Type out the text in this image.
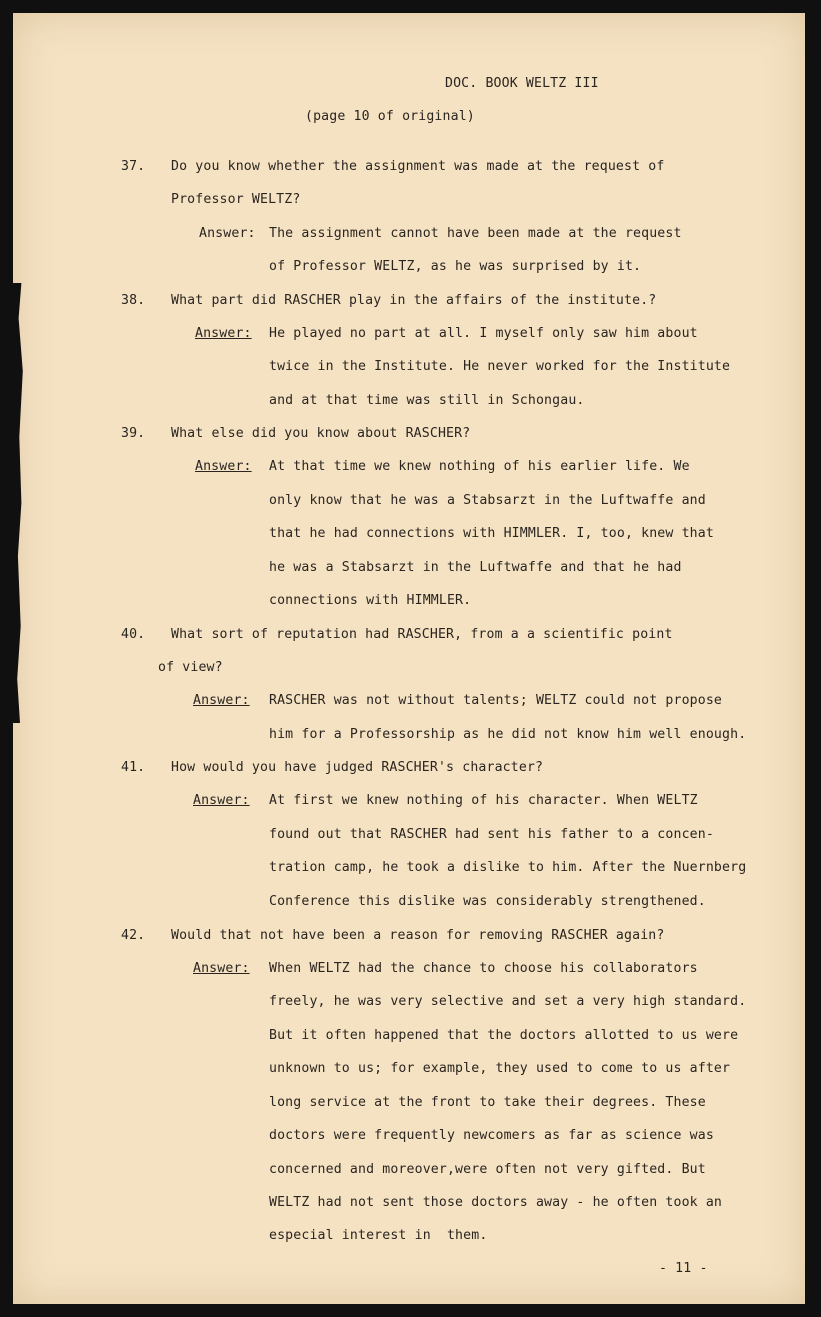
DOC. BOOK WELTZ III
(page 10 of original)
37. Do you know whether the assignment was made at the request of
Professor WELTZ?
Answer: The assignment cannot have been made at the request
of Professor WELTZ, as he was surprised by it.
38. What part did RASCHER play in the affairs of the institute.?
Answer: He played no part at all. I myself only saw him about
twice in the Institute. He never worked for the Institute
and at that time was still in Schongau.
39. What else did you know about RASCHER?
Answer: At that time we knew nothing of his earlier life. We
only know that he was a Stabsarzt in the Luftwaffe and
that he had connections with HIMMLER. I, too, knew that
he was a Stabsarzt in the Luftwaffe and that he had
connections with HIMMLER.
40. What sort of reputation had RASCHER, from a a scientific point
of view?
Answer: RASCHER was not without talents; WELTZ could not propose
him for a Professorship as he did not know him well enough.
41. How would you have judged RASCHER's character?
Answer: At first we knew nothing of his character. When WELTZ
found out that RASCHER had sent his father to a concen-
tration camp, he took a dislike to him. After the Nuernberg
Conference this dislike was considerably strengthened.
42. Would that not have been a reason for removing RASCHER again?
Answer: When WELTZ had the chance to choose his collaborators
freely, he was very selective and set a very high standard.
But it often happened that the doctors allotted to us were
unknown to us; for example, they used to come to us after
long service at the front to take their degrees. These
doctors were frequently newcomers as far as science was
concerned and moreover,were often not very gifted. But
WELTZ had not sent those doctors away - he often took an
especial interest in  them.
- 11 -
